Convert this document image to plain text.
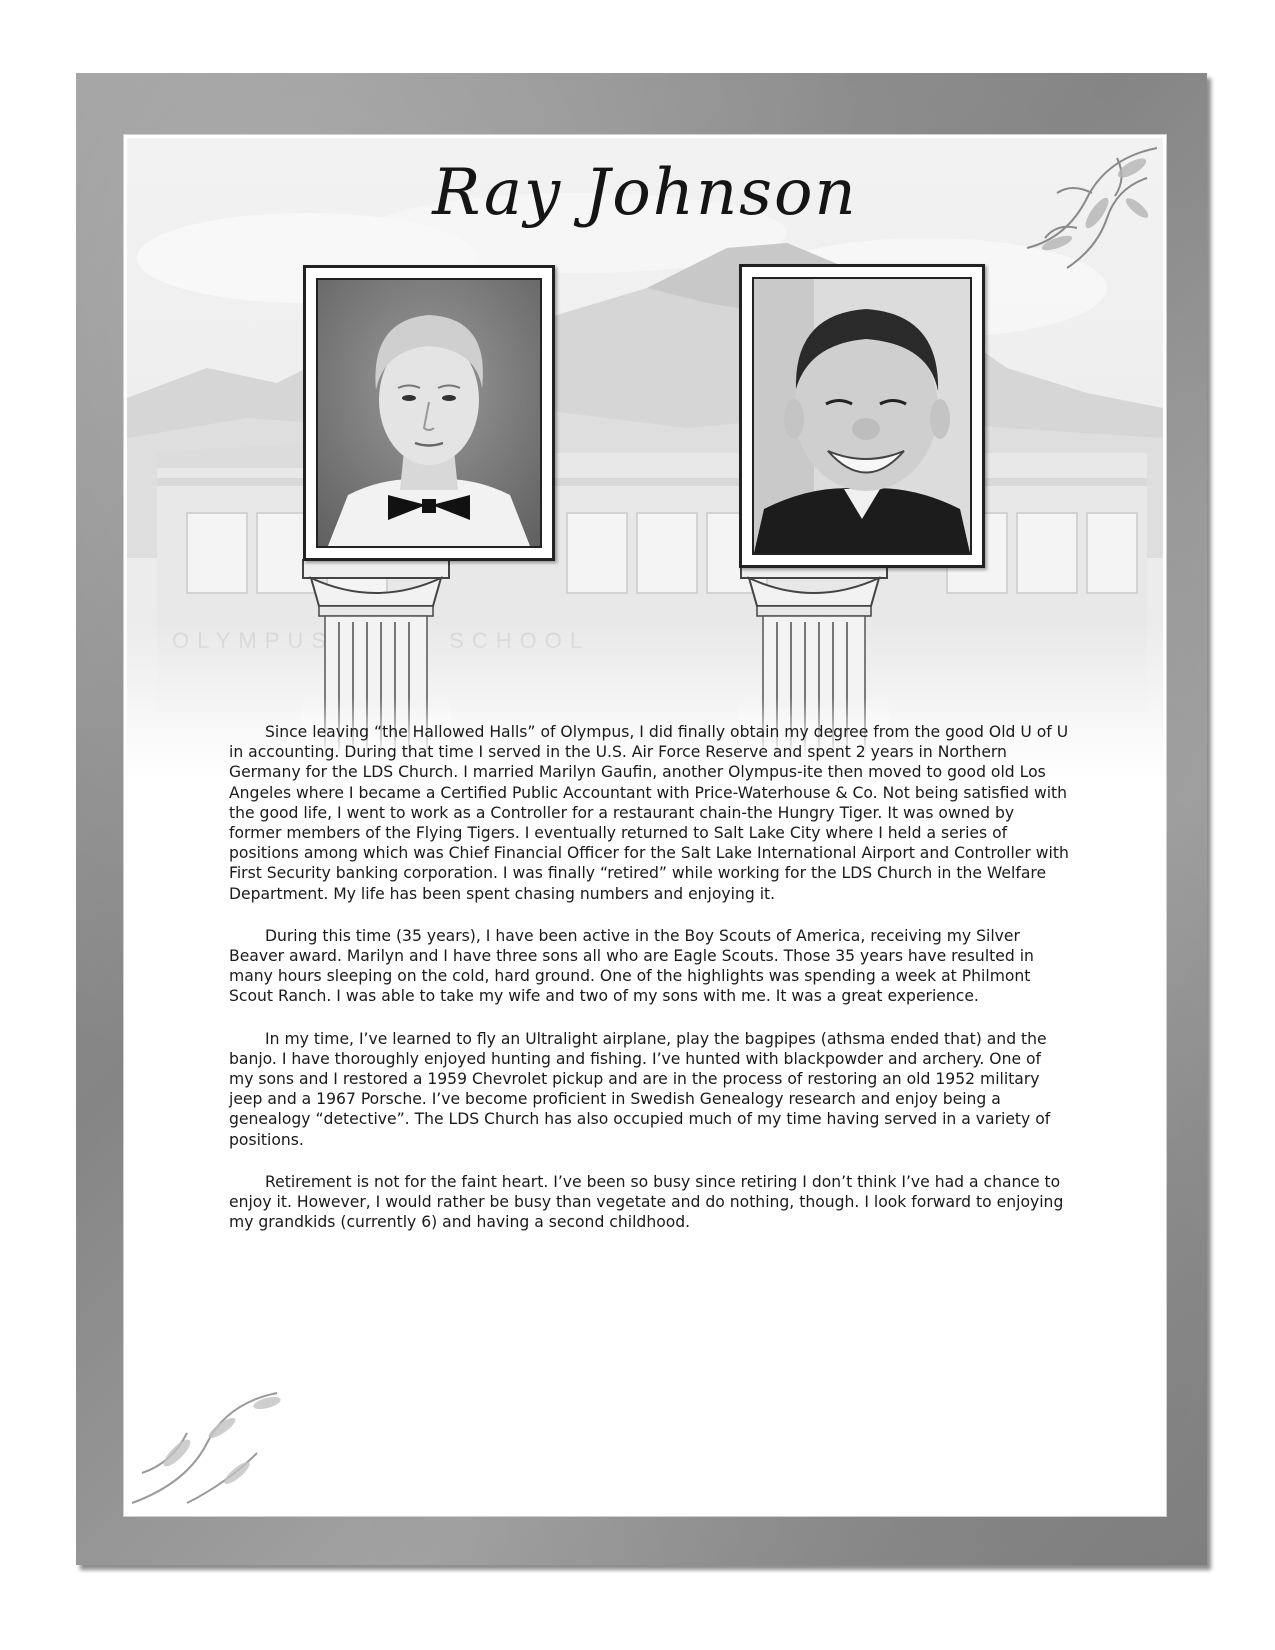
Ray Johnson

Since leaving “the Hallowed Halls” of Olympus, I did finally obtain my degree from the good Old U of U in accounting. During that time I served in the U.S. Air Force Reserve and spent 2 years in Northern Germany for the LDS Church. I married Marilyn Gaufin, another Olympus-ite then moved to good old Los Angeles where I became a Certified Public Accountant with Price-Waterhouse & Co. Not being satisfied with the good life, I went to work as a Controller for a restaurant chain-the Hungry Tiger. It was owned by former members of the Flying Tigers. I eventually returned to Salt Lake City where I held a series of positions among which was Chief Financial Officer for the Salt Lake International Airport and Controller with First Security banking corporation. I was finally “retired” while working for the LDS Church in the Welfare Department. My life has been spent chasing numbers and enjoying it.

During this time (35 years), I have been active in the Boy Scouts of America, receiving my Silver Beaver award. Marilyn and I have three sons all who are Eagle Scouts. Those 35 years have resulted in many hours sleeping on the cold, hard ground. One of the highlights was spending a week at Philmont Scout Ranch. I was able to take my wife and two of my sons with me. It was a great experience.

In my time, I’ve learned to fly an Ultralight airplane, play the bagpipes (athsma ended that) and the banjo. I have thoroughly enjoyed hunting and fishing. I’ve hunted with blackpowder and archery. One of my sons and I restored a 1959 Chevrolet pickup and are in the process of restoring an old 1952 military jeep and a 1967 Porsche. I’ve become proficient in Swedish Genealogy research and enjoy being a genealogy “detective”. The LDS Church has also occupied much of my time having served in a variety of positions.

Retirement is not for the faint heart. I’ve been so busy since retiring I don’t think I’ve had a chance to enjoy it. However, I would rather be busy than vegetate and do nothing, though. I look forward to enjoying my grandkids (currently 6) and having a second childhood.
